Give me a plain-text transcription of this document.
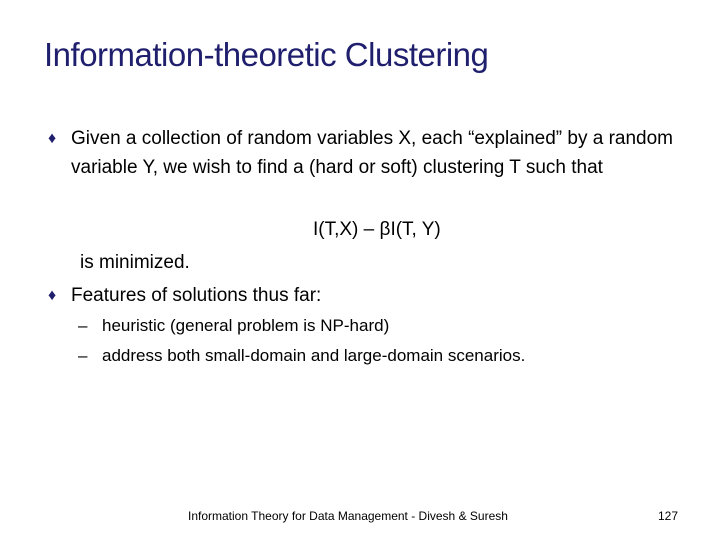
Information-theoretic Clustering
♦ Given a collection of random variables X, each “explained” by a random variable Y, we wish to find a (hard or soft) clustering T such that
I(T,X) – βI(T, Y)
is minimized.
♦ Features of solutions thus far:
– heuristic (general problem is NP-hard)
– address both small-domain and large-domain scenarios.
Information Theory for Data Management - Divesh & Suresh	127
